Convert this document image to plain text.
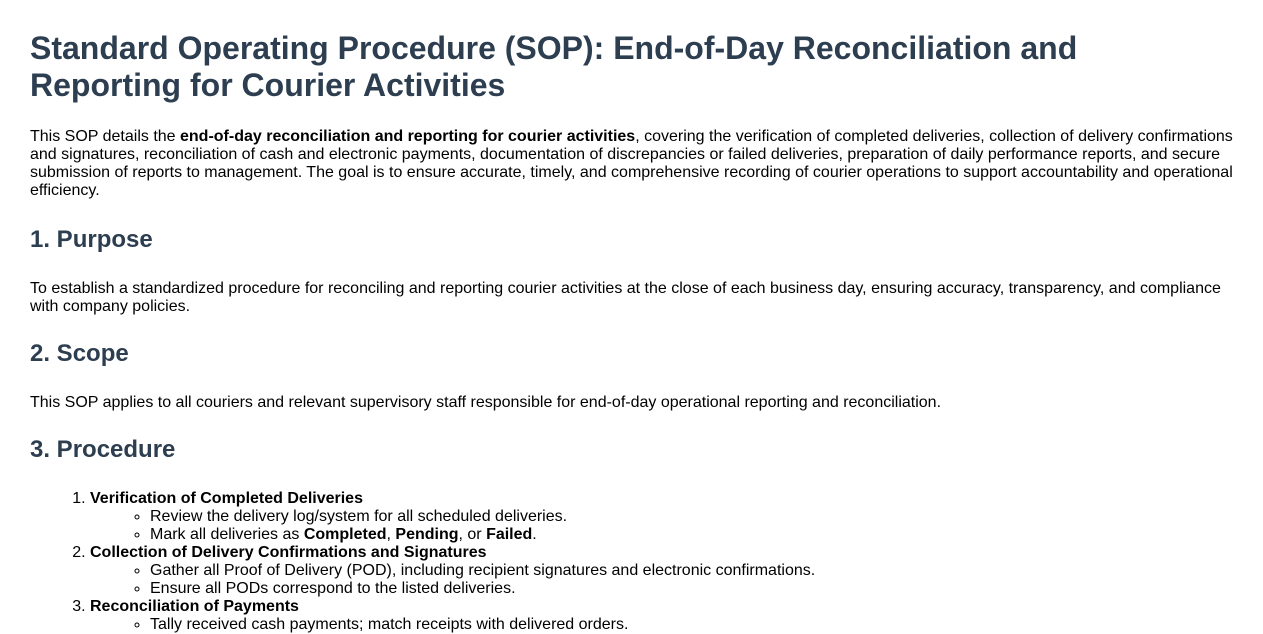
Standard Operating Procedure (SOP): End-of-Day Reconciliation and Reporting for Courier Activities

This SOP details the end-of-day reconciliation and reporting for courier activities, covering the verification of completed deliveries, collection of delivery confirmations and signatures, reconciliation of cash and electronic payments, documentation of discrepancies or failed deliveries, preparation of daily performance reports, and secure submission of reports to management. The goal is to ensure accurate, timely, and comprehensive recording of courier operations to support accountability and operational efficiency.

1. Purpose

To establish a standardized procedure for reconciling and reporting courier activities at the close of each business day, ensuring accuracy, transparency, and compliance with company policies.

2. Scope

This SOP applies to all couriers and relevant supervisory staff responsible for end-of-day operational reporting and reconciliation.

3. Procedure
1. Verification of Completed Deliveries
◦ Review the delivery log/system for all scheduled deliveries.
◦ Mark all deliveries as Completed, Pending, or Failed.
2. Collection of Delivery Confirmations and Signatures
◦ Gather all Proof of Delivery (POD), including recipient signatures and electronic confirmations.
◦ Ensure all PODs correspond to the listed deliveries.
3. Reconciliation of Payments
◦ Tally received cash payments; match receipts with delivered orders.
